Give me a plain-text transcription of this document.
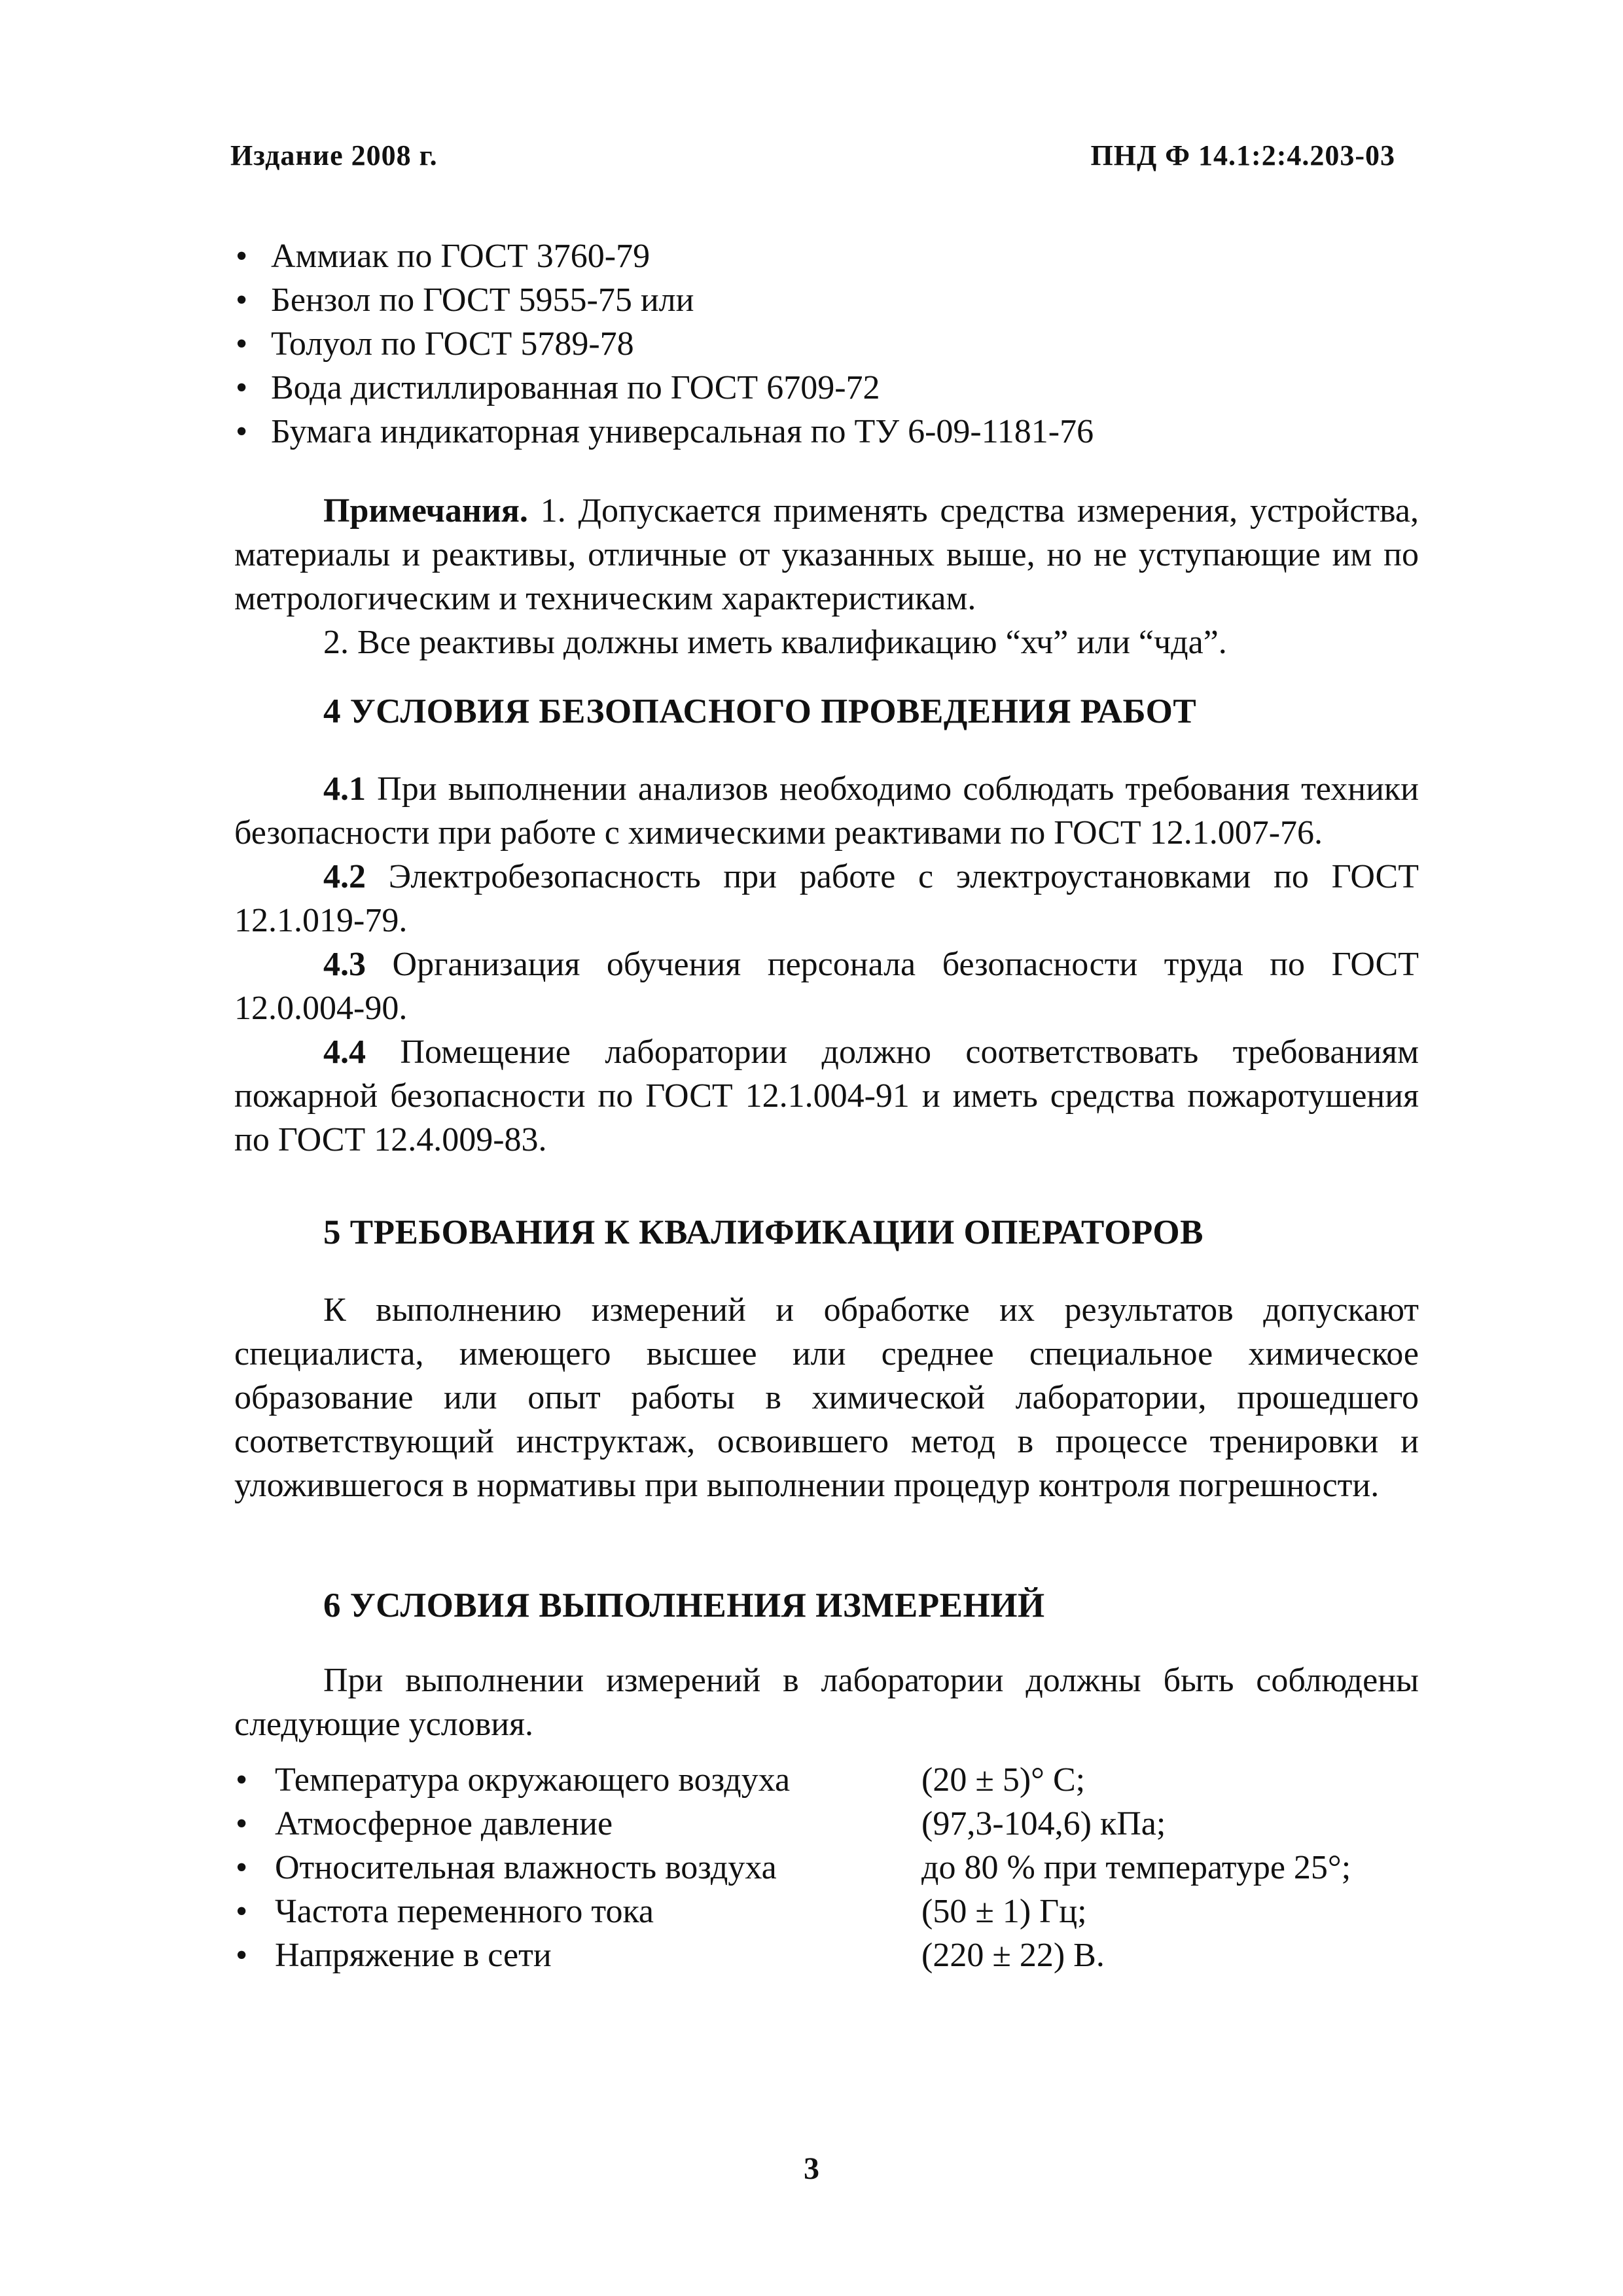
Издание 2008 г.	ПНД Ф 14.1:2:4.203-03
• Аммиак по ГОСТ 3760-79
• Бензол по ГОСТ 5955-75 или
• Толуол по ГОСТ 5789-78
• Вода дистиллированная по ГОСТ 6709-72
• Бумага индикаторная универсальная по ТУ 6-09-1181-76

Примечания. 1. Допускается применять средства измерения, устройства, материалы и реактивы, отличные от указанных выше, но не уступающие им по метрологическим и техническим характеристикам.

2. Все реактивы должны иметь квалификацию “хч” или “чда”.

4 УСЛОВИЯ БЕЗОПАСНОГО ПРОВЕДЕНИЯ РАБОТ

4.1 При выполнении анализов необходимо соблюдать требования техники безопасности при работе с химическими реактивами по ГОСТ 12.1.007-76.

4.2 Электробезопасность при работе с электроустановками по ГОСТ 12.1.019-79.

4.3 Организация обучения персонала безопасности труда по ГОСТ 12.0.004-90.

4.4 Помещение лаборатории должно соответствовать требованиям пожарной безопасности по ГОСТ 12.1.004-91 и иметь средства пожаротушения по ГОСТ 12.4.009-83.

5 ТРЕБОВАНИЯ К КВАЛИФИКАЦИИ ОПЕРАТОРОВ

К выполнению измерений и обработке их результатов допускают специалиста, имеющего высшее или среднее специальное химическое образование или опыт работы в химической лаборатории, прошедшего соответствующий инструктаж, освоившего метод в процессе тренировки и уложившегося в нормативы при выполнении процедур контроля погрешности.

6 УСЛОВИЯ ВЫПОЛНЕНИЯ ИЗМЕРЕНИЙ

При выполнении измерений в лаборатории должны быть соблюдены следующие условия.

• Температура окружающего воздуха	(20 ± 5)° С;
• Атмосферное давление	(97,3-104,6) кПа;
• Относительная влажность воздуха	до 80 % при температуре 25°;
• Частота переменного тока	(50 ± 1) Гц;
• Напряжение в сети	(220 ± 22) В.
3
